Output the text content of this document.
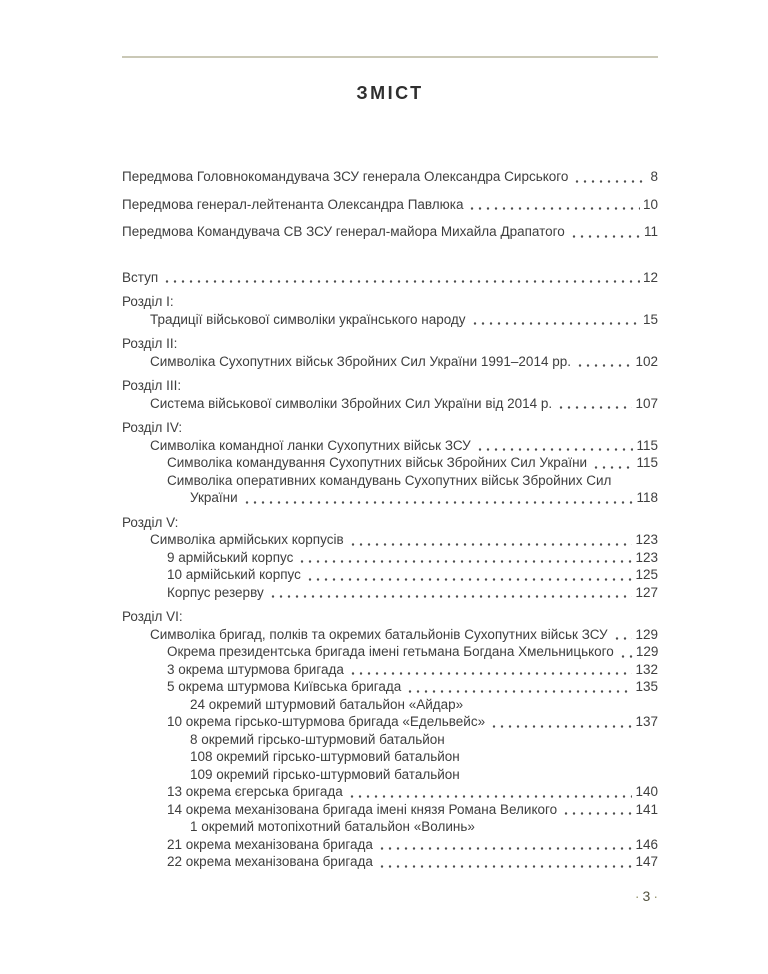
ЗМІСТ
Передмова Головнокомандувача ЗСУ генерала Олександра Сирського	8
Передмова генерал-лейтенанта Олександра Павлюка	10
Передмова Командувача СВ ЗСУ генерал-майора Михайла Драпатого	11
Вступ	12
Розділ I:
Традиції військової символіки українського народу	15
Розділ II:
Символіка Сухопутних військ Збройних Сил України 1991–2014 рр.	102
Розділ III:
Система військової символіки Збройних Сил України від 2014 р.	107
Розділ IV:
Символіка командної ланки Сухопутних військ ЗСУ	115
Символіка командування Сухопутних військ Збройних Сил України	115
Символіка оперативних командувань Сухопутних військ Збройних Сил
України	118
Розділ V:
Символіка армійських корпусів	123
9 армійський корпус	123
10 армійський корпус	125
Корпус резерву	127
Розділ VI:
Символіка бригад, полків та окремих батальйонів Сухопутних військ ЗСУ 129
Окрема президентська бригада імені гетьмана Богдана Хмельницького 129
3 окрема штурмова бригада	132
5 окрема штурмова Київська бригада	135
24 окремий штурмовий батальйон «Айдар»
10 окрема гірсько-штурмова бригада «Едельвейс»	137
8 окремий гірсько-штурмовий батальйон
108 окремий гірсько-штурмовий батальйон
109 окремий гірсько-штурмовий батальйон
13 окрема єгерська бригада	140
14 окрема механізована бригада імені князя Романа Великого	141
1 окремий мотопіхотний батальйон «Волинь»
21 окрема механізована бригада	146
22 окрема механізована бригада	147
· 3 ·
